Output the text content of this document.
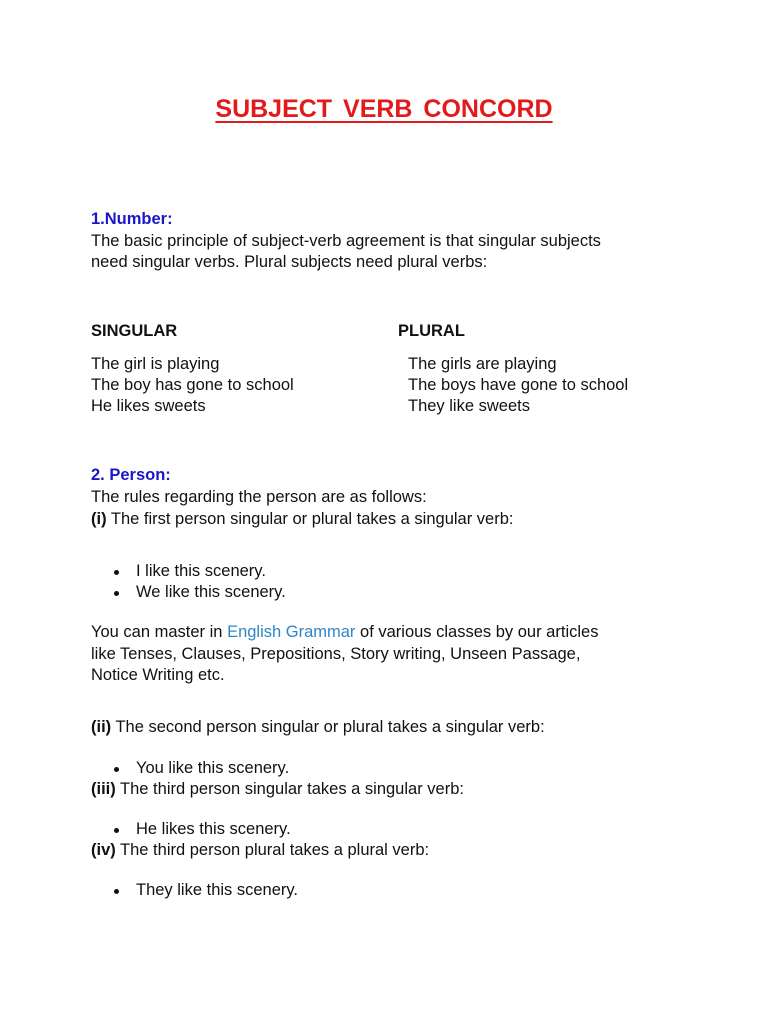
SUBJECT VERB CONCORD
1.Number:
The basic principle of subject-verb agreement is that singular subjects
need singular verbs. Plural subjects need plural verbs:
SINGULAR	PLURAL
The girl is playing
The boy has gone to school
He likes sweets
The girls are playing
The boys have gone to school
They like sweets
2. Person:
The rules regarding the person are as follows:
(i) The first person singular or plural takes a singular verb:
I like this scenery.
We like this scenery.
You can master in English Grammar of various classes by our articles
like Tenses, Clauses, Prepositions, Story writing, Unseen Passage,
Notice Writing etc.
(ii) The second person singular or plural takes a singular verb:
You like this scenery.
(iii) The third person singular takes a singular verb:
He likes this scenery.
(iv) The third person plural takes a plural verb:
They like this scenery.
